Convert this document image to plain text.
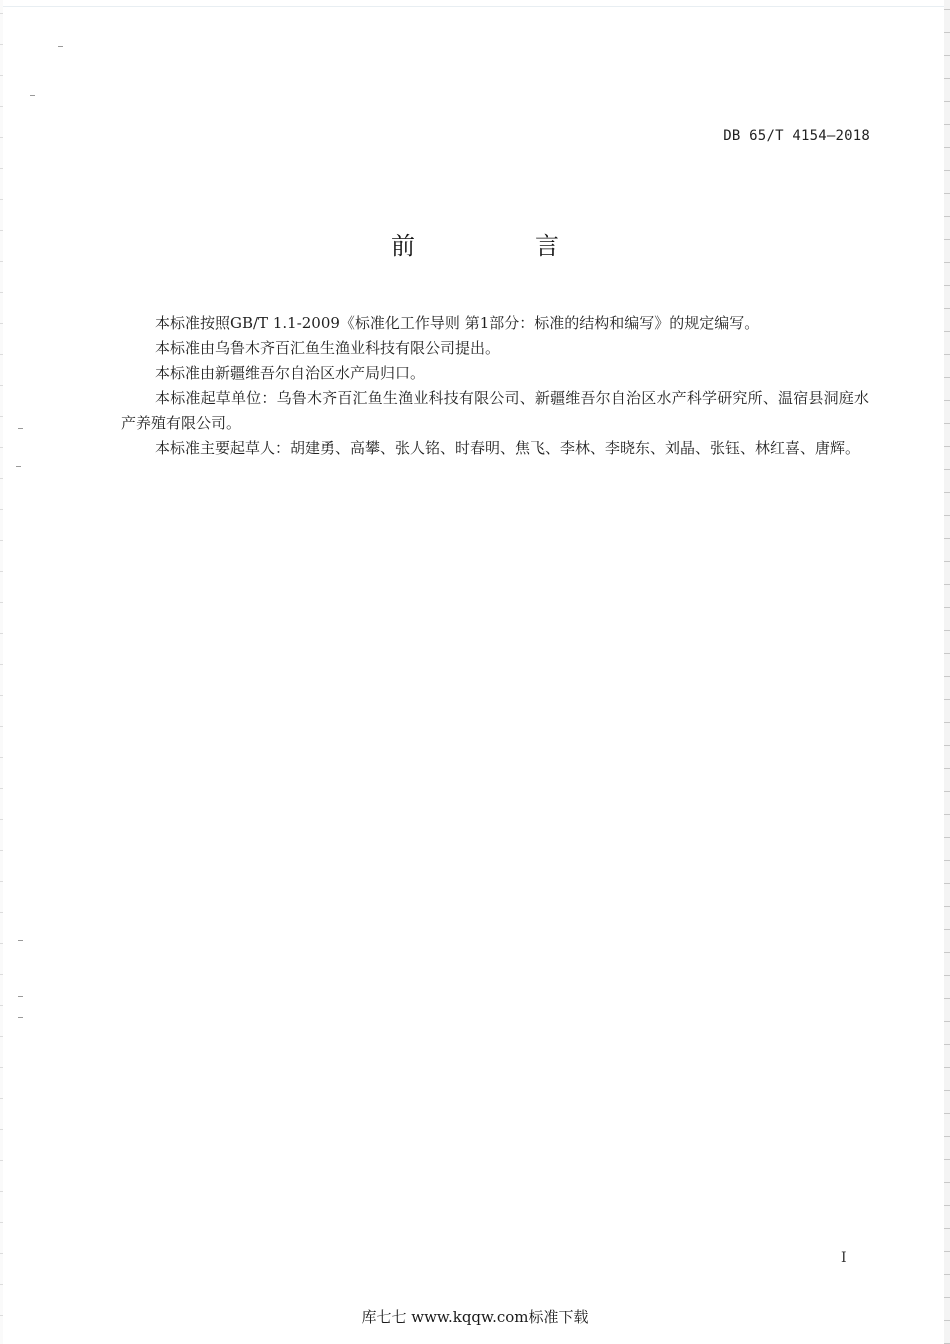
DB 65/T 4154—2018
前　言

本标准按照GB/T 1.1-2009《标准化工作导则 第1部分：标准的结构和编写》的规定编写。

本标准由乌鲁木齐百汇鱼生渔业科技有限公司提出。

本标准由新疆维吾尔自治区水产局归口。

本标准起草单位：乌鲁木齐百汇鱼生渔业科技有限公司、新疆维吾尔自治区水产科学研究所、温宿县洞庭水产养殖有限公司。

本标准主要起草人：胡建勇、高攀、张人铭、时春明、焦飞、李林、李晓东、刘晶、张钰、林红喜、唐辉。

I
库七七 www.kqqw.com标准下载
